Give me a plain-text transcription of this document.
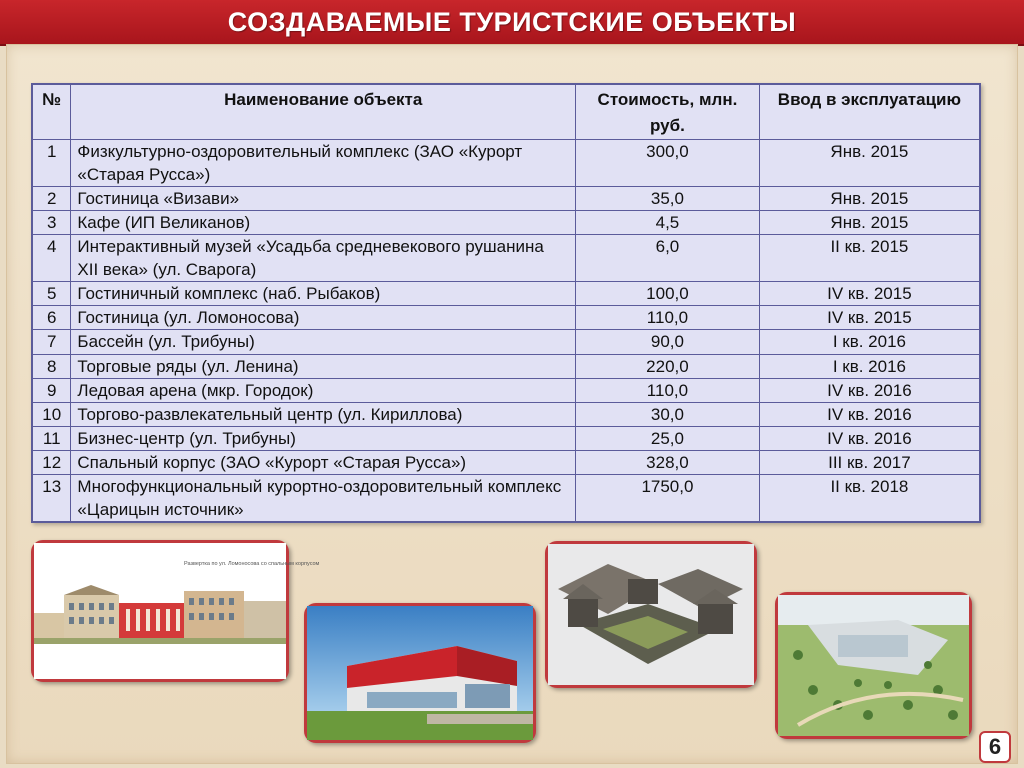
СОЗДАВАЕМЫЕ ТУРИСТСКИЕ ОБЪЕКТЫ
№	Наименование объекта	Стоимость, млн. руб.	Ввод в эксплуатацию
1	Физкультурно-оздоровительный комплекс (ЗАО «Курорт «Старая Русса»)	300,0	Янв. 2015
2	Гостиница «Визави»	35,0	Янв. 2015
3	Кафе (ИП Великанов)	4,5	Янв. 2015
4	Интерактивный музей «Усадьба средневекового рушанина XII века» (ул. Сварога)	6,0	II кв. 2015
5	Гостиничный комплекс (наб. Рыбаков)	100,0	IV кв. 2015
6	Гостиница (ул. Ломоносова)	110,0	IV кв. 2015
7	Бассейн (ул. Трибуны)	90,0	I кв. 2016
8	Торговые ряды (ул. Ленина)	220,0	I кв. 2016
9	Ледовая арена (мкр. Городок)	110,0	IV кв. 2016
10	Торгово-развлекательный центр (ул. Кириллова)	30,0	IV кв. 2016
11	Бизнес-центр (ул. Трибуны)	25,0	IV кв. 2016
12	Спальный корпус (ЗАО «Курорт «Старая Русса»)	328,0	III кв. 2017
13	Многофункциональный курортно-оздоровительный комплекс «Царицын источник»	1750,0	II кв. 2018
Развертка по ул. Ломоносова со спальным корпусом
6
